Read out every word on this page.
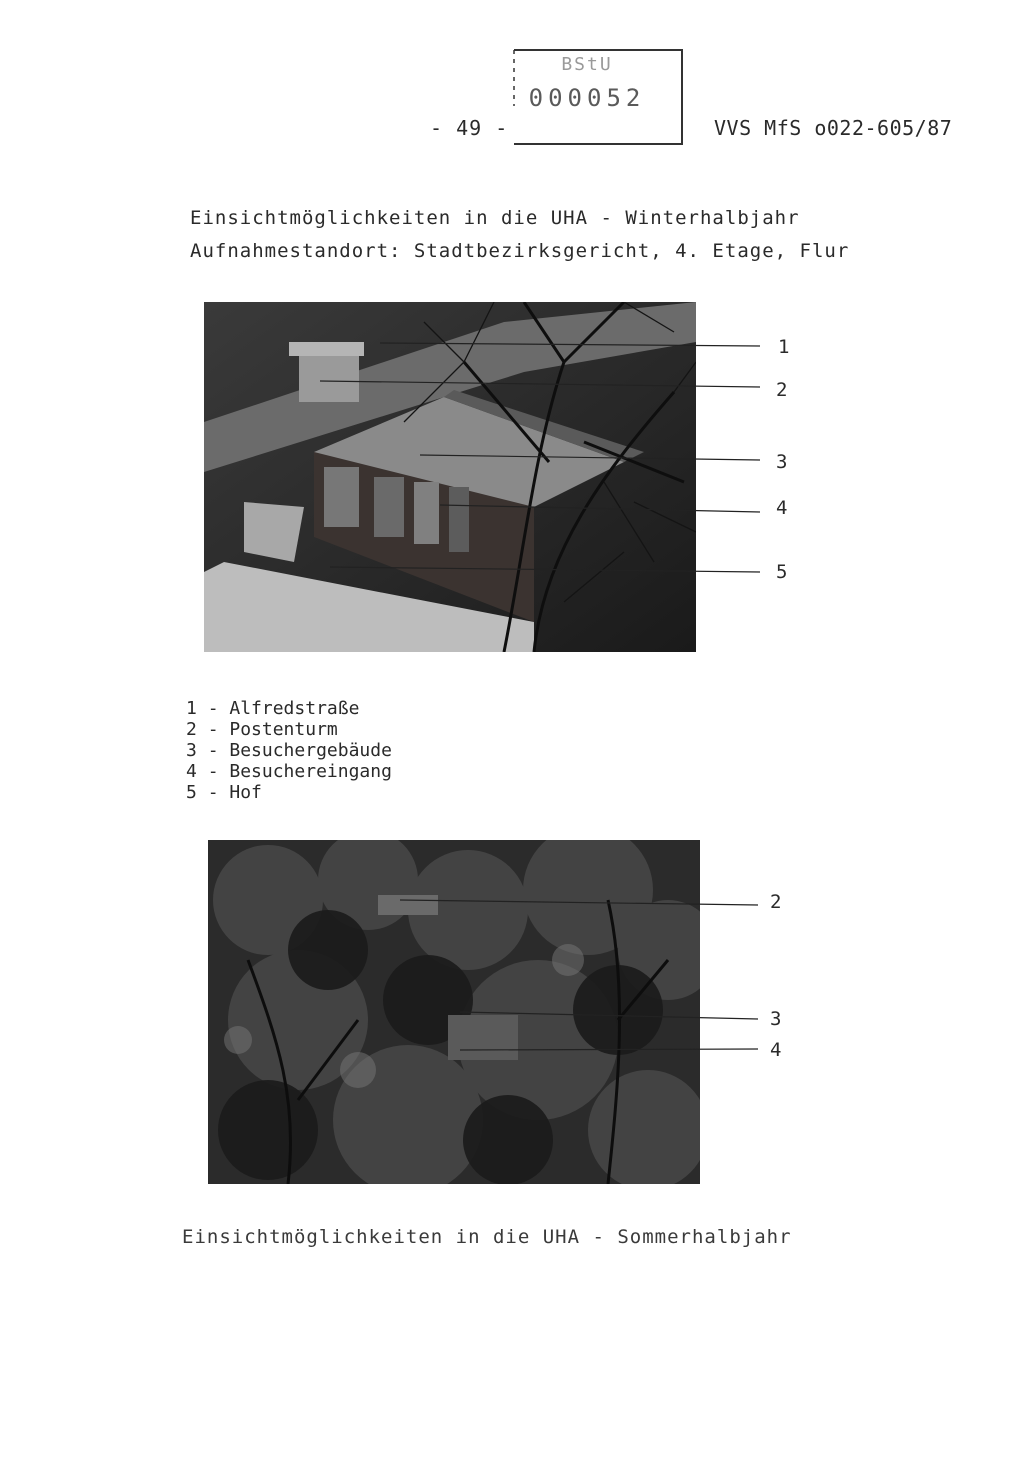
- 49 -
BStU
000052
VVS MfS o022-605/87
Einsichtmöglichkeiten in die UHA - Winterhalbjahr
Aufnahmestandort: Stadtbezirksgericht, 4. Etage, Flur
1
2
3
4
5
2
3
4
1 - Alfredstraße
2 - Postenturm
3 - Besuchergebäude
4 - Besuchereingang
5 - Hof
Einsichtmöglichkeiten in die UHA - Sommerhalbjahr
